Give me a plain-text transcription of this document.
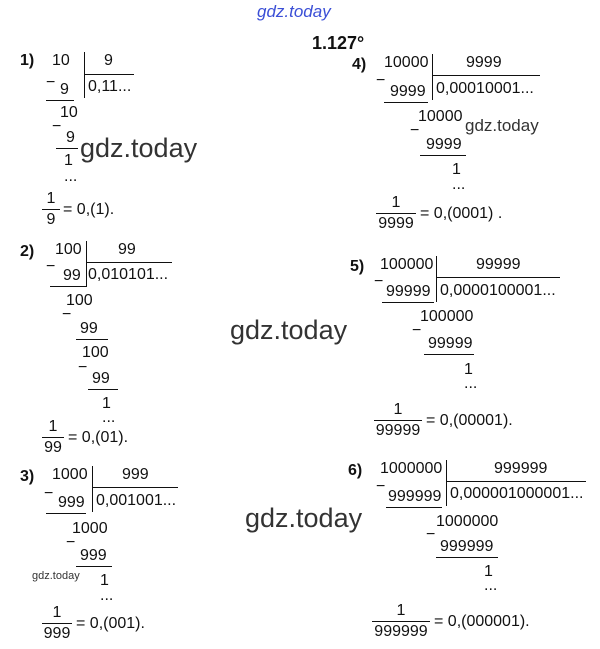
gdz.today
1.127°
1) 10 9
0,11...
− 9
10
−
9
1
...
1
9
= 0,(1).
2) 100 99
0,010101...
−
99
100
−
99
100
−
99
1
...
1
99
= 0,(01).
3) 1000 999
0,001001...
−
999
1000
−
999
1
...
1
999
= 0,(001).
4) 10000 9999
0,00010001...
−
9999
10000
−
9999
1
...
1
9999
= 0,(0001) .
5) 100000	99999
0,0000100001...
−
99999
100000
−
99999
1
...
1
99999
= 0,(00001).
6) 1000000	999999
0,000001000001...
−
999999
1000000
−
999999
1
...
1
999999
= 0,(000001).
gdz.today
gdz.today
gdz.today
gdz.today
gdz.today
